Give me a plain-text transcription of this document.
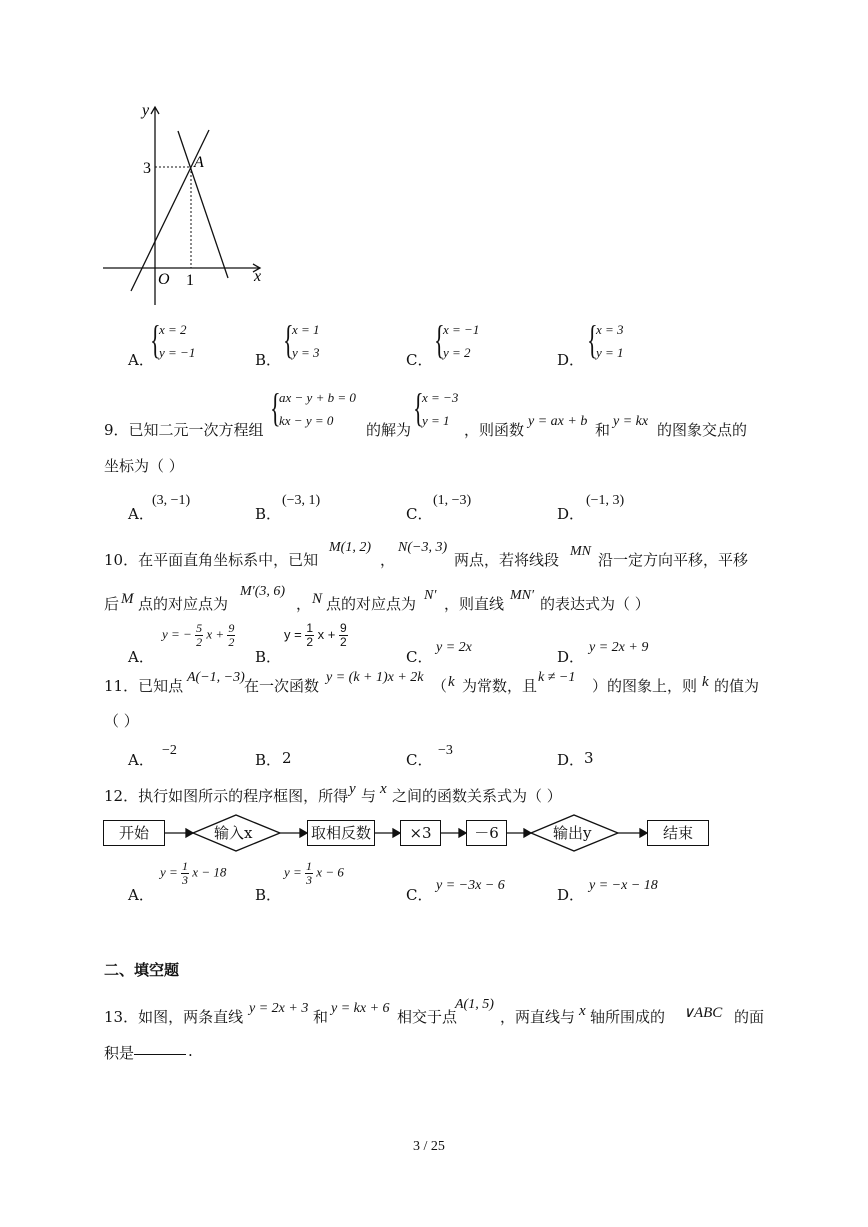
y
x
O 1
3	A
A．
{
x = 2
y = −1	B． {
x = 1
y = 3	C． {
x = −1
y = 2	D． {
x = 3
y = 1
9．已知二元一次方程组 {
ax − y + b = 0
kx − y = 0
的解为 {
x = −3
y = 1
，则函数 y = ax + b 和 y = kx 的图象交点的
坐标为（ ）
A．
(3, −1)
B．
(−3, 1)
C．
(1, −3)
D．
(−1, 3)
10．在平面直角坐标系中，已知
M(1, 2)
，
N(−3, 3)
两点，若将线段 MN 沿一定方向平移，平移
后 M 点的对应点为
M′(3, 6)
， N 点的对应点为 N′ ，则直线 MN′ 的表达式为（ ）
A．
y = − $\frac{5}{2}$ $x + \frac{9}{2}$
B．
$y = \frac{1}{2}$ $x + \frac{9}{2}$
C．
y = 2x
D．
y = 2x + 9
11．已知点 A(−1, −3) 在一次函数 y = (k + 1)x + 2k （ k 为常数，且 k ≠ −1 ）的图象上，则 k 的值为
（ ）
A．
−2
B． 2	C．
−3
D． 3
12．执行如图所示的程序框图，所得 y 与 x 之间的函数关系式为（ ）
开始	输入x	取相反数	×3	－6	输出y	结束
A．
$y = \frac{1}{3}$ x − 18
B．
$y = \frac{1}{3}$ x − 6
C．
y = −3x − 6
D．
y = −x − 18
二、填空题
13．如图，两条直线 y = 2x + 3 和 y = kx + 6 相交于点
A(1, 5)
，两直线与 x 轴所围成的 ∨ABC 的面
积是	.
3 / 25
